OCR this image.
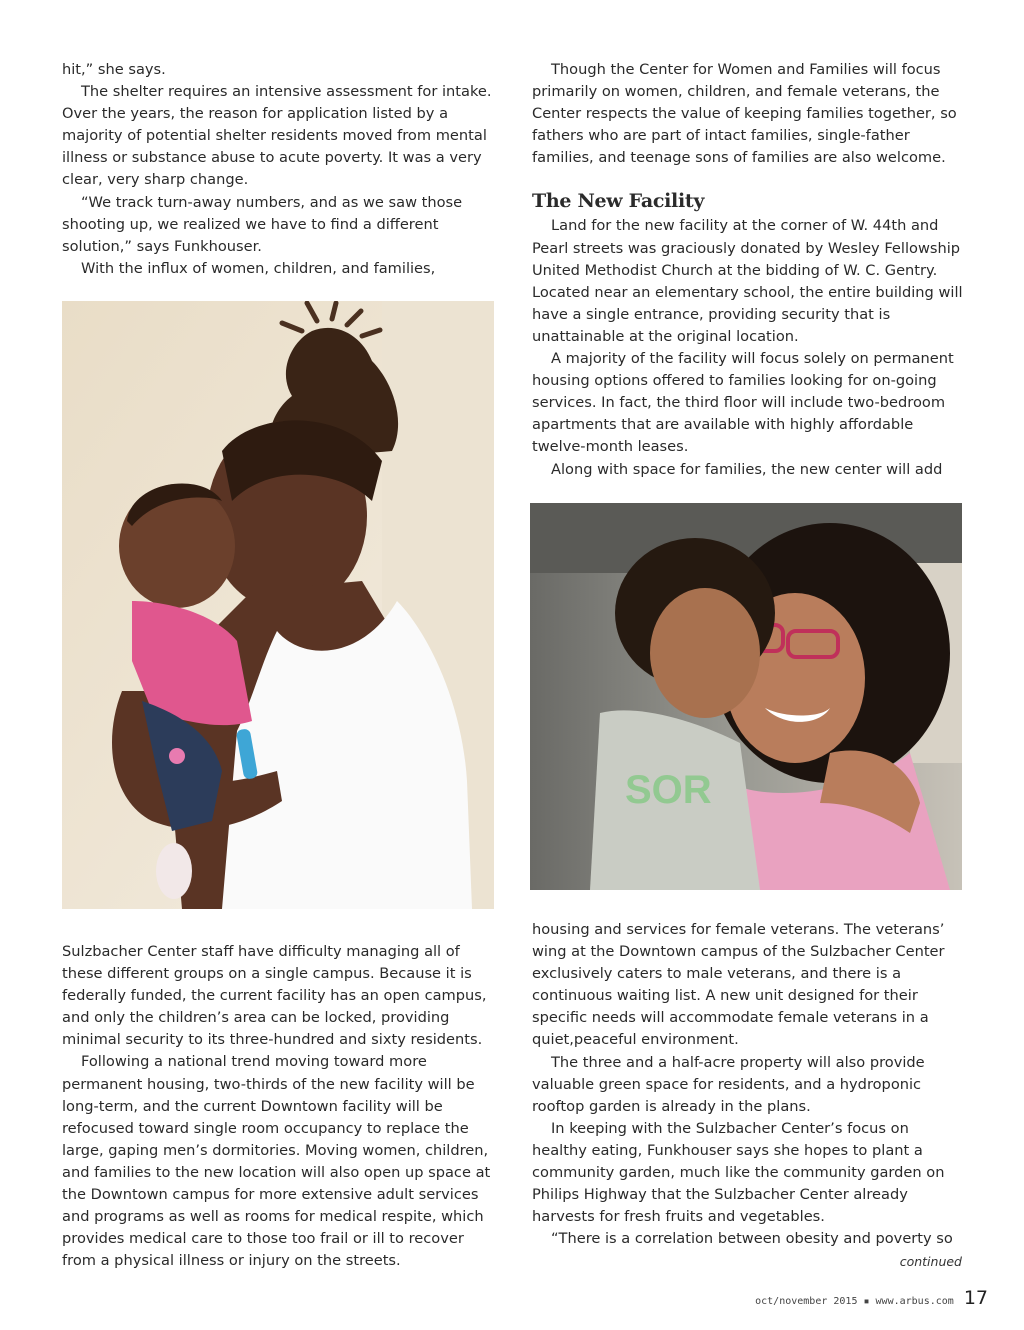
hit,” she says.

The shelter requires an intensive assessment for intake. Over the years, the reason for application listed by a majority of potential shelter residents moved from mental illness or substance abuse to acute poverty. It was a very clear, very sharp change.

“We track turn-away numbers, and as we saw those shooting up, we realized we have to find a different solution,” says Funkhouser.

With the influx of women, children, and families,

Though the Center for Women and Families will focus primarily on women, children, and female veterans, the Center respects the value of keeping families together, so fathers who are part of intact families, single-father families, and teenage sons of families are also welcome.

The New Facility

Land for the new facility at the corner of W. 44th and Pearl streets was graciously donated by Wesley Fellowship United Methodist Church at the bidding of W. C. Gentry. Located near an elementary school, the entire building will have a single entrance, providing security that is unattainable at the original location.

A majority of the facility will focus solely on permanent housing options offered to families looking for on-going services. In fact, the third floor will include two-bedroom apartments that are available with highly affordable twelve-month leases.

Along with space for families, the new center will add

SOR

Sulzbacher Center staff have difficulty managing all of these different groups on a single campus. Because it is federally funded, the current facility has an open campus, and only the children’s area can be locked, providing minimal security to its three-hundred and sixty residents.

Following a national trend moving toward more permanent housing, two-thirds of the new facility will be long-term, and the current Downtown facility will be refocused toward single room occupancy to replace the large, gaping men’s dormitories. Moving women, children, and families to the new location will also open up space at the Downtown campus for more extensive adult services and programs as well as rooms for medical respite, which provides medical care to those too frail or ill to recover from a physical illness or injury on the streets.

housing and services for female veterans. The veterans’ wing at the Downtown campus of the Sulzbacher Center exclusively caters to male veterans, and there is a continuous waiting list. A new unit designed for their specific needs will accommodate female veterans in a quiet,peaceful environment.

The three and a half-acre property will also provide valuable green space for residents, and a hydroponic rooftop garden is already in the plans.

In keeping with the Sulzbacher Center’s focus on healthy eating, Funkhouser says she hopes to plant a community garden, much like the community garden on Philips Highway that the Sulzbacher Center already harvests for fresh fruits and vegetables.

“There is a correlation between obesity and poverty so

continued
oct/november 2015 ▪ www.arbus.com 17
